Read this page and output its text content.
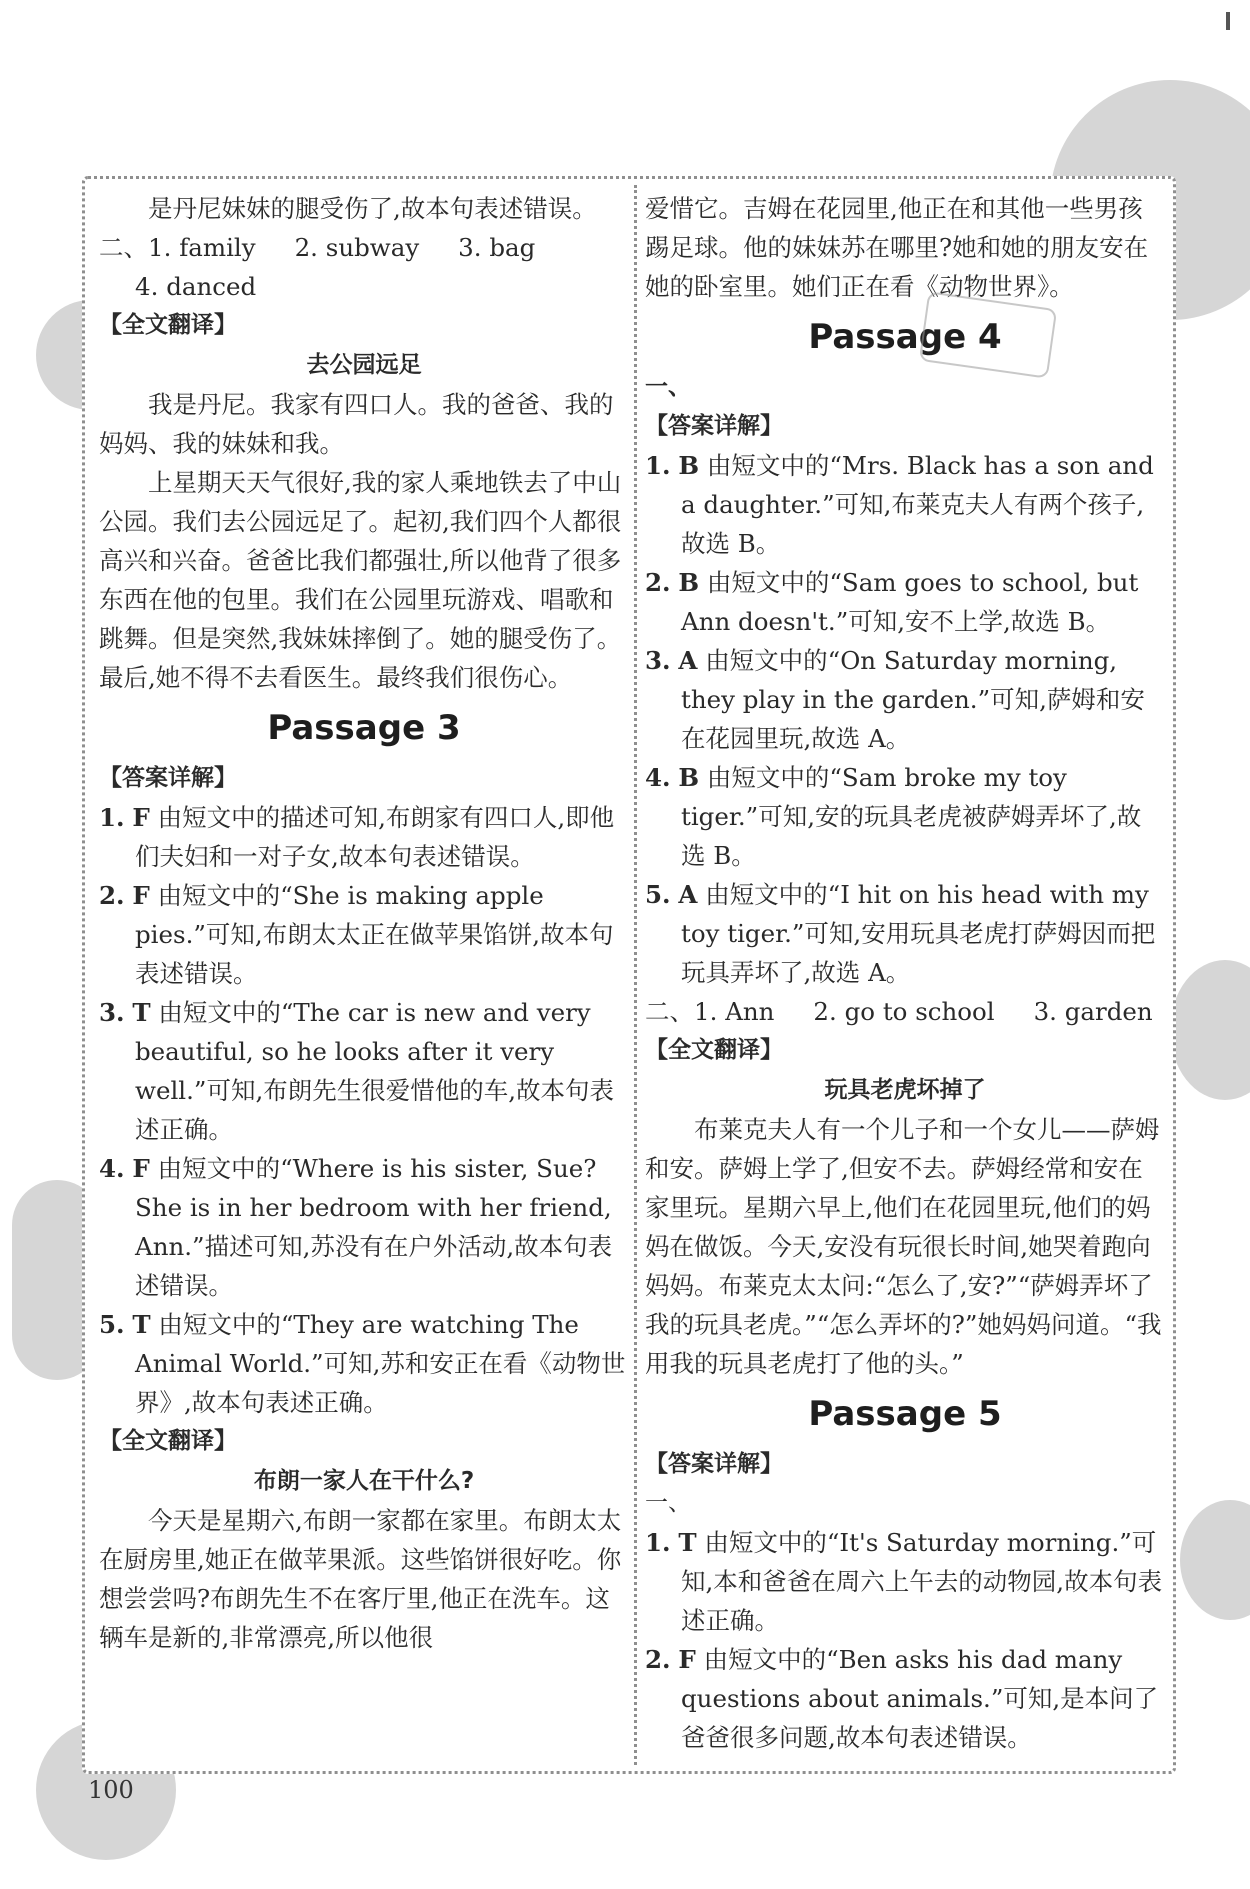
是丹尼妹妹的腿受伤了,故本句表述错误。

二、1. family 2. subway 3. bag

4. danced

【全文翻译】

去公园远足

我是丹尼。我家有四口人。我的爸爸、我的妈妈、我的妹妹和我。

上星期天天气很好,我的家人乘地铁去了中山公园。我们去公园远足了。起初,我们四个人都很高兴和兴奋。爸爸比我们都强壮,所以他背了很多东西在他的包里。我们在公园里玩游戏、唱歌和跳舞。但是突然,我妹妹摔倒了。她的腿受伤了。最后,她不得不去看医生。最终我们很伤心。

Passage 3

【答案详解】

1. F 由短文中的描述可知,布朗家有四口人,即他们夫妇和一对子女,故本句表述错误。

2. F 由短文中的“She is making apple pies.”可知,布朗太太正在做苹果馅饼,故本句表述错误。

3. T 由短文中的“The car is new and very beautiful, so he looks after it very well.”可知,布朗先生很爱惜他的车,故本句表述正确。

4. F 由短文中的“Where is his sister, Sue? She is in her bedroom with her friend, Ann.”描述可知,苏没有在户外活动,故本句表述错误。

5. T 由短文中的“They are watching The Animal World.”可知,苏和安正在看《动物世界》,故本句表述正确。

【全文翻译】

布朗一家人在干什么?

今天是星期六,布朗一家都在家里。布朗太太在厨房里,她正在做苹果派。这些馅饼很好吃。你想尝尝吗?布朗先生不在客厅里,他正在洗车。这辆车是新的,非常漂亮,所以他很

爱惜它。吉姆在花园里,他正在和其他一些男孩踢足球。他的妹妹苏在哪里?她和她的朋友安在她的卧室里。她们正在看《动物世界》。

Passage 4

一、

【答案详解】

1. B 由短文中的“Mrs. Black has a son and a daughter.”可知,布莱克夫人有两个孩子,故选 B。

2. B 由短文中的“Sam goes to school, but Ann doesn't.”可知,安不上学,故选 B。

3. A 由短文中的“On Saturday morning, they play in the garden.”可知,萨姆和安在花园里玩,故选 A。

4. B 由短文中的“Sam broke my toy tiger.”可知,安的玩具老虎被萨姆弄坏了,故选 B。

5. A 由短文中的“I hit on his head with my toy tiger.”可知,安用玩具老虎打萨姆因而把玩具弄坏了,故选 A。

二、1. Ann 2. go to school 3. garden

【全文翻译】

玩具老虎坏掉了

布莱克夫人有一个儿子和一个女儿——萨姆和安。萨姆上学了,但安不去。萨姆经常和安在家里玩。星期六早上,他们在花园里玩,他们的妈妈在做饭。今天,安没有玩很长时间,她哭着跑向妈妈。布莱克太太问:“怎么了,安?”“萨姆弄坏了我的玩具老虎。”“怎么弄坏的?”她妈妈问道。“我用我的玩具老虎打了他的头。”

Passage 5

【答案详解】

一、

1. T 由短文中的“It's Saturday morning.”可知,本和爸爸在周六上午去的动物园,故本句表述正确。

2. F 由短文中的“Ben asks his dad many questions about animals.”可知,是本问了爸爸很多问题,故本句表述错误。

100
